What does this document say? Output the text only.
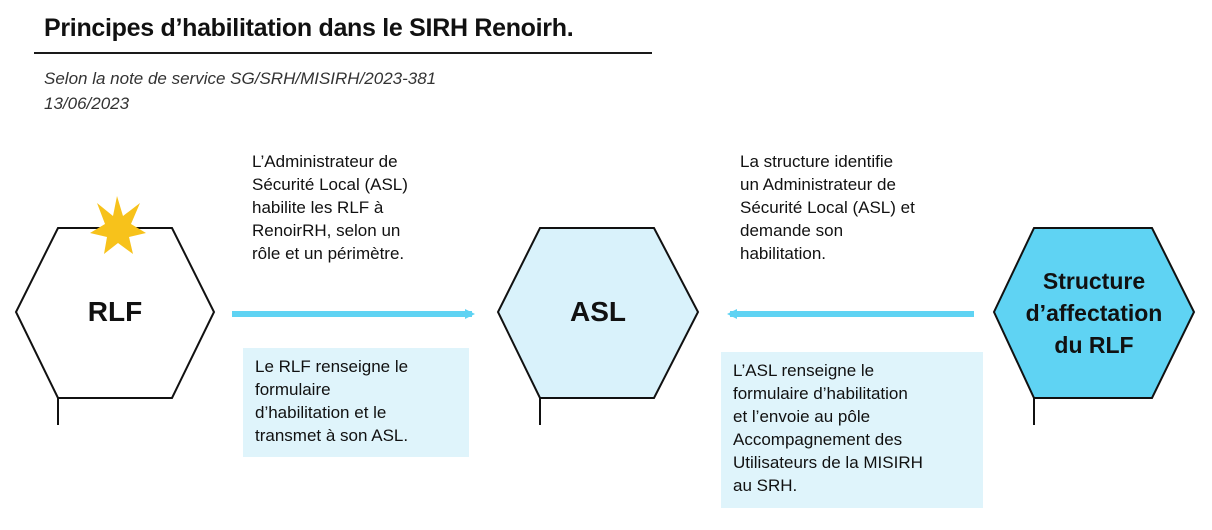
Principes d’habilitation dans le SIRH Renoirh.
Selon la note de service SG/SRH/MISIRH/2023-381
13/06/2023
RLF	ASL
Structure
d’affectation
du RLF
L’Administrateur de
Sécurité Local (ASL)
habilite les RLF à
RenoirRH, selon un
rôle et un périmètre.
La structure identifie
un Administrateur de
Sécurité Local (ASL) et
demande son
habilitation.
Le RLF renseigne le
formulaire
d’habilitation et le
transmet à son ASL.
L’ASL renseigne le
formulaire d’habilitation
et l’envoie au pôle
Accompagnement des
Utilisateurs de la MISIRH
au SRH.
